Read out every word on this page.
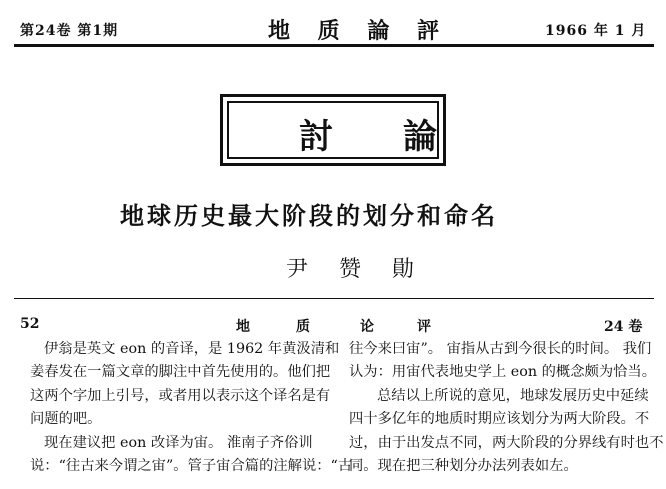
第24卷 第1期	地 质 論 評	1966 年 1 月
討論
地球历史最大阶段的划分和命名
尹 赞 勛
52	地	质	论	评	24 卷
伊翁是英文 eon 的音译，是 1962 年黄汲清和
姜春发在一篇文章的脚注中首先使用的。他们把
这两个字加上引号，或者用以表示这个译名是有
问题的吧。
现在建议把 eon 改译为宙。 淮南子齐俗训
说：“往古来今谓之宙”。管子宙合篇的注解说：“古
往今来曰宙”。 宙指从古到今很长的时间。 我们
认为：用宙代表地史学上 eon 的概念颇为恰当。
总结以上所说的意见，地球发展历史中延续
四十多亿年的地质时期应该划分为两大阶段。不
过，由于出发点不同，两大阶段的分界线有时也不
同。现在把三种划分办法列表如左。
